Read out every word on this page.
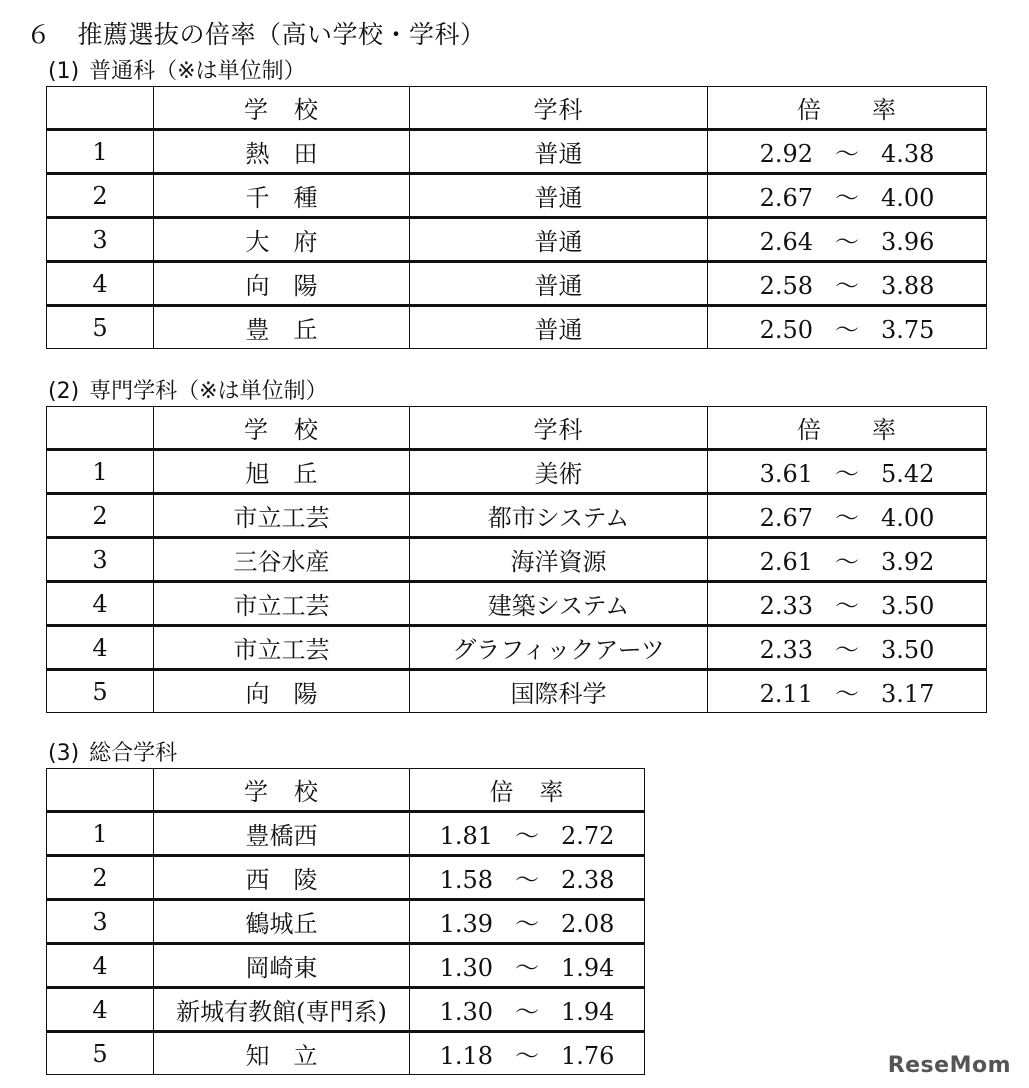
６ 推薦選抜の倍率（高い学校・学科）
(1) 普通科（※は単位制）
	学　校	学科	倍　　率
1	熱　田	普通	2.92 ～ 4.38
2	千　種	普通	2.67 ～ 4.00
3	大　府	普通	2.64 ～ 3.96
4	向　陽	普通	2.58 ～ 3.88
5	豊　丘	普通	2.50 ～ 3.75
(2) 専門学科（※は単位制）
	学　校	学科	倍　　率
1	旭　丘	美術	3.61 ～ 5.42
2	市立工芸	都市システム	2.67 ～ 4.00
3	三谷水産	海洋資源	2.61 ～ 3.92
4	市立工芸	建築システム	2.33 ～ 3.50
4	市立工芸	グラフィックアーツ	2.33 ～ 3.50
5	向　陽	国際科学	2.11 ～ 3.17
(3) 総合学科
	学　校	倍　率
1	豊橋西	1.81 ～ 2.72
2	西　陵	1.58 ～ 2.38
3	鶴城丘	1.39 ～ 2.08
4	岡崎東	1.30 ～ 1.94
4	新城有教館(専門系)	1.30 ～ 1.94
5	知　立	1.18 ～ 1.76	ReseMom
